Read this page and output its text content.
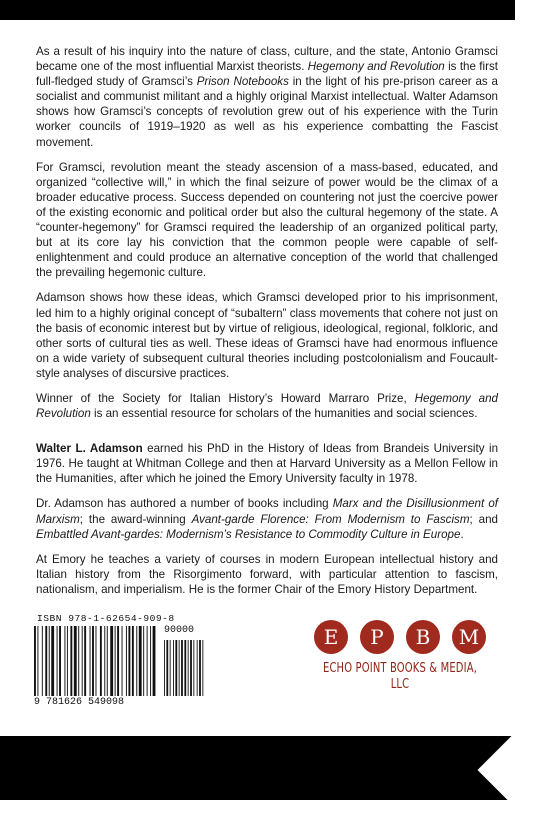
As a result of his inquiry into the nature of class, culture, and the state, Antonio Gramsci became one of the most influential Marxist theorists. Hegemony and Revolution is the first full-fledged study of Gramsci’s Prison Notebooks in the light of his pre-prison career as a socialist and communist militant and a highly original Marxist intellectual. Walter Adamson shows how Gramsci’s concepts of revolution grew out of his experience with the Turin worker councils of 1919–1920 as well as his experience combatting the Fascist movement.

For Gramsci, revolution meant the steady ascension of a mass-based, educated, and organized “collective will,” in which the final seizure of power would be the climax of a broader educative process. Success depended on countering not just the coercive power of the existing economic and political order but also the cultural hegemony of the state. A “counter-hegemony” for Gramsci required the leadership of an organized political party, but at its core lay his conviction that the common people were capable of self-enlightenment and could produce an alternative conception of the world that challenged the prevailing hegemonic culture.

Adamson shows how these ideas, which Gramsci developed prior to his imprisonment, led him to a highly original concept of “subaltern” class movements that cohere not just on the basis of economic interest but by virtue of religious, ideological, regional, folkloric, and other sorts of cultural ties as well. These ideas of Gramsci have had enormous influence on a wide variety of subsequent cultural theories including postcolonialism and Foucault-style analyses of discursive practices.

Winner of the Society for Italian History’s Howard Marraro Prize, Hegemony and Revolution is an essential resource for scholars of the humanities and social sciences.

Walter L. Adamson earned his PhD in the History of Ideas from Brandeis University in 1976. He taught at Whitman College and then at Harvard University as a Mellon Fellow in the Humanities, after which he joined the Emory University faculty in 1978.

Dr. Adamson has authored a number of books including Marx and the Disillusionment of Marxism; the award-winning Avant-garde Florence: From Modernism to Fascism; and Embattled Avant-gardes: Modernism’s Resistance to Commodity Culture in Europe.

At Emory he teaches a variety of courses in modern European intellectual history and Italian history from the Risorgimento forward, with particular attention to fascism, nationalism, and imperialism. He is the former Chair of the Emory History Department.

ISBN 978-1-62654-909-8
90000
9 781626 549098
E	P	B	M
ECHO POINT BOOKS & MEDIA, LLC
